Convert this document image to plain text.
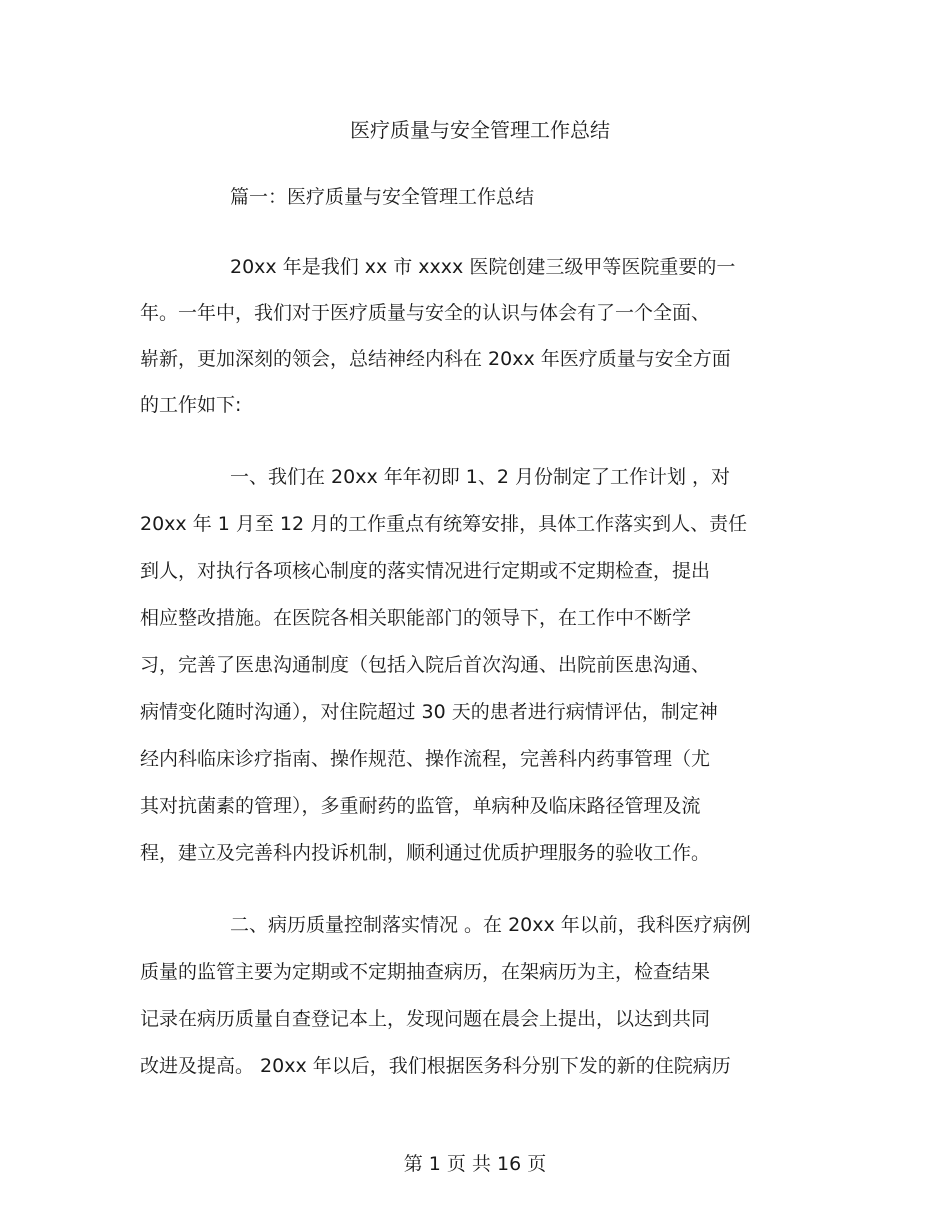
医疗质量与安全管理工作总结
篇一：医疗质量与安全管理工作总结
20xx 年是我们 xx 市 xxxx 医院创建三级甲等医院重要的一
年。一年中，我们对于医疗质量与安全的认识与体会有了一个全面、
崭新，更加深刻的领会，总结神经内科在 20xx 年医疗质量与安全方面
的工作如下:
一、我们在 20xx 年年初即 1、2 月份制定了工作计划 ，对
20xx 年 1 月至 12 月的工作重点有统筹安排，具体工作落实到人、责任
到人，对执行各项核心制度的落实情况进行定期或不定期检查，提出
相应整改措施。在医院各相关职能部门的领导下，在工作中不断学
习，完善了医患沟通制度（包括入院后首次沟通、出院前医患沟通、
病情变化随时沟通），对住院超过 30 天的患者进行病情评估，制定神
经内科临床诊疗指南、操作规范、操作流程，完善科内药事管理（尤
其对抗菌素的管理），多重耐药的监管，单病种及临床路径管理及流
程，建立及完善科内投诉机制，顺利通过优质护理服务的验收工作。
二、病历质量控制落实情况 。在 20xx 年以前，我科医疗病例
质量的监管主要为定期或不定期抽查病历，在架病历为主，检查结果
记录在病历质量自查登记本上，发现问题在晨会上提出，以达到共同
改进及提高。 20xx 年以后，我们根据医务科分别下发的新的住院病历
第 1 页 共 16 页
